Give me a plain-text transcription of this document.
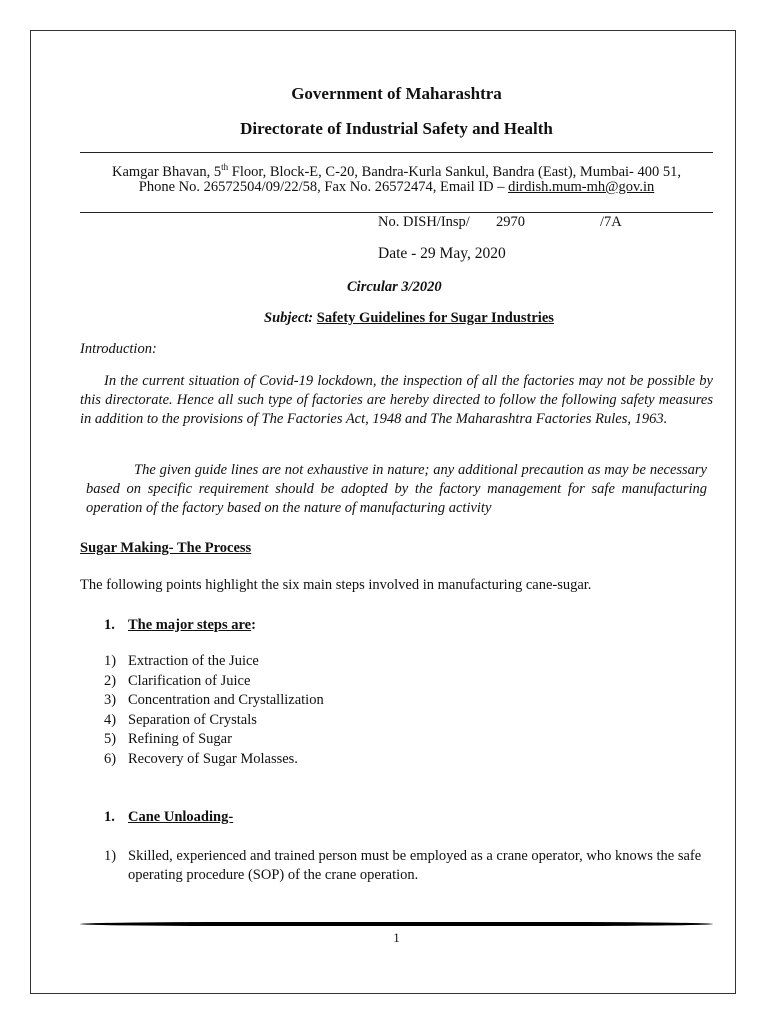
Government of Maharashtra
Directorate of Industrial Safety and Health
Kamgar Bhavan, 5th Floor, Block-E, C-20, Bandra-Kurla Sankul, Bandra (East), Mumbai- 400 51,
Phone No. 26572504/09/22/58, Fax No. 26572474, Email ID – dirdish.mum-mh@gov.in
No. DISH/Insp/ 2970	/7A
Date - 29 May, 2020
Circular 3/2020
Subject: Safety Guidelines for Sugar Industries
Introduction:
In the current situation of Covid-19 lockdown, the inspection of all the factories may not be possible by this directorate. Hence all such type of factories are hereby directed to follow the following safety measures in addition to the provisions of The Factories Act, 1948 and The Maharashtra Factories Rules, 1963.
The given guide lines are not exhaustive in nature; any additional precaution as may be necessary based on specific requirement should be adopted by the factory management for safe manufacturing operation of the factory based on the nature of manufacturing activity
Sugar Making- The Process
The following points highlight the six main steps involved in manufacturing cane-sugar.
1. The major steps are:
1) Extraction of the Juice
2) Clarification of Juice
3) Concentration and Crystallization
4) Separation of Crystals
5) Refining of Sugar
6) Recovery of Sugar Molasses.
1. Cane Unloading-
1) Skilled, experienced and trained person must be employed as a crane operator, who knows the safe operating procedure (SOP) of the crane operation.
1
